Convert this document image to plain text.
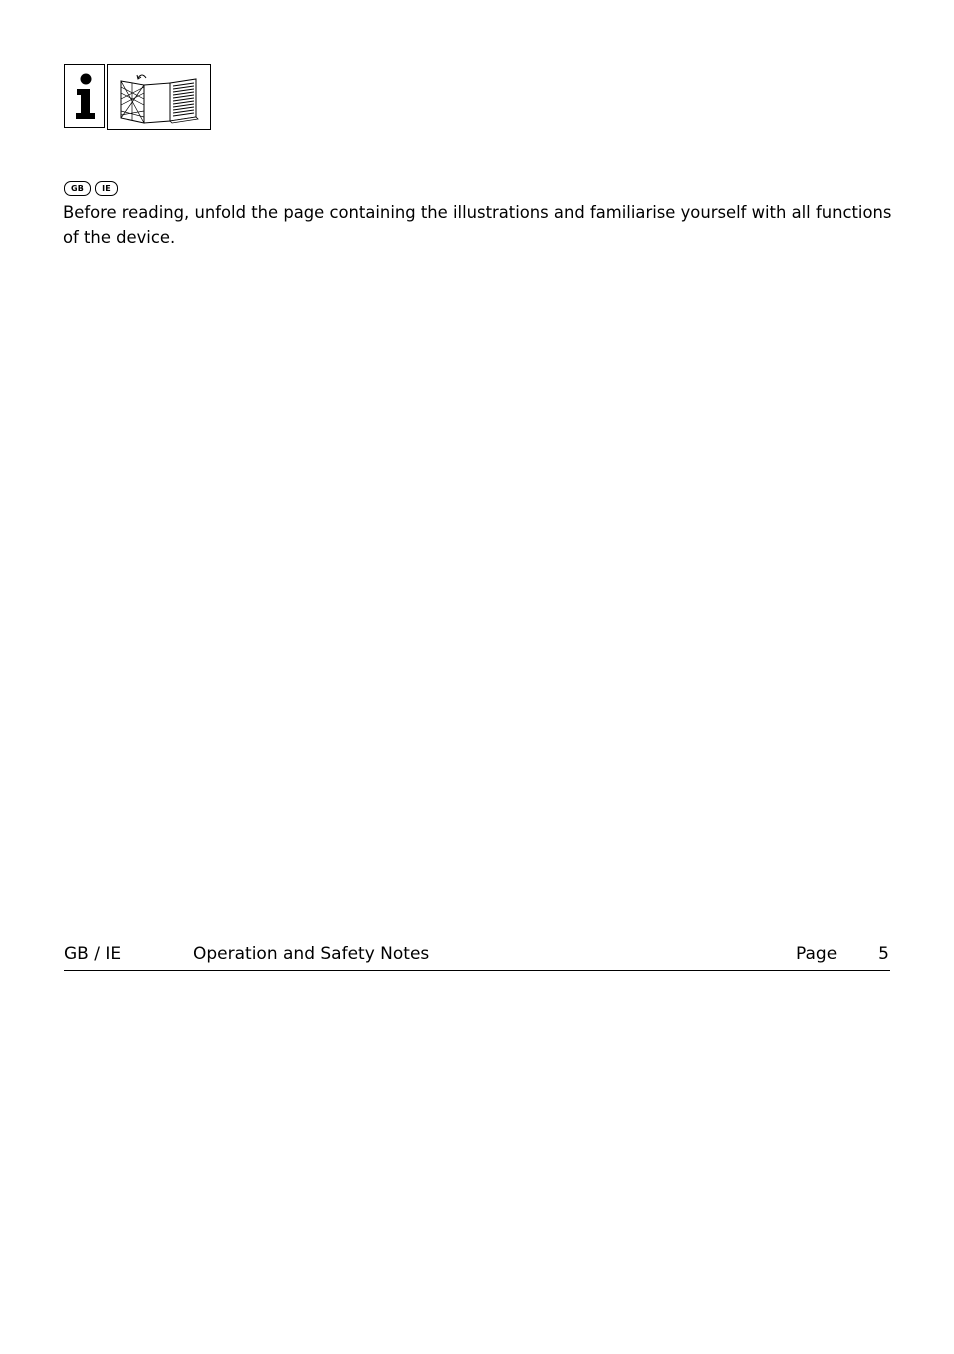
GB	IE

Before reading, unfold the page containing the illustrations and familiarise yourself with all functions of the device.

GB / IE	Operation and Safety Notes	Page 5
